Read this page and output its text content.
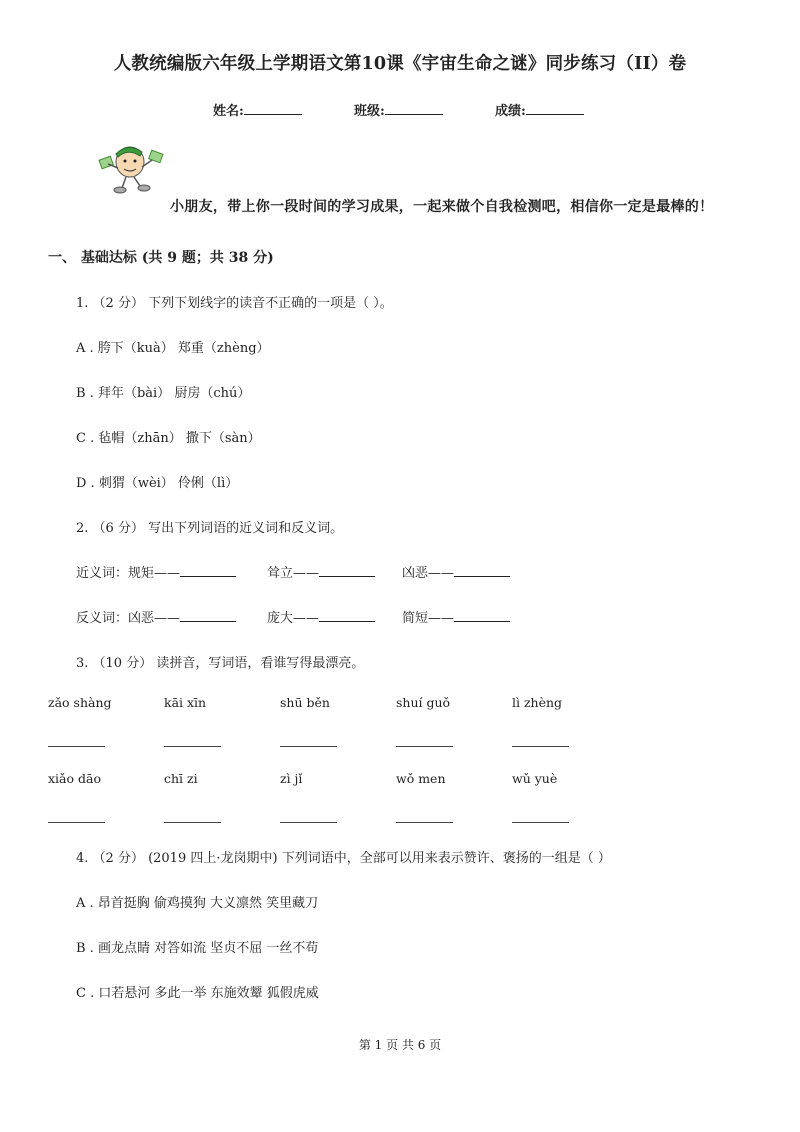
人教统编版六年级上学期语文第10课《宇宙生命之谜》同步练习（II）卷
姓名:	班级:	成绩:
小朋友，带上你一段时间的学习成果，一起来做个自我检测吧，相信你一定是最棒的！
一、 基础达标 (共 9 题；共 38 分)
1. （2 分） 下列下划线字的读音不正确的一项是（ ）。
A . 胯下（kuà） 郑重（zhèng）
B . 拜年（bài） 厨房（chú）
C . 毡帽（zhān） 撒下（sàn）
D . 刺猬（wèi） 伶俐（lì）
2. （6 分） 写出下列词语的近义词和反义词。
近义词：规矩——	耸立——	凶恶——
反义词：凶恶——	庞大——	简短——
3. （10 分） 读拼音，写词语，看谁写得最漂亮。
zǎo shàng	kāi xīn	shū běn	shuí guǒ	lì zhèng
xiǎo dāo	chī zi	zì jǐ	wǒ men	wǔ yuè
4. （2 分） (2019 四上·龙岗期中) 下列词语中，全部可以用来表示赞许、褒扬的一组是（ ）
A . 昂首挺胸 偷鸡摸狗 大义凛然 笑里藏刀
B . 画龙点睛 对答如流 坚贞不屈 一丝不苟
C . 口若悬河 多此一举 东施效颦 狐假虎威
第 1 页 共 6 页
